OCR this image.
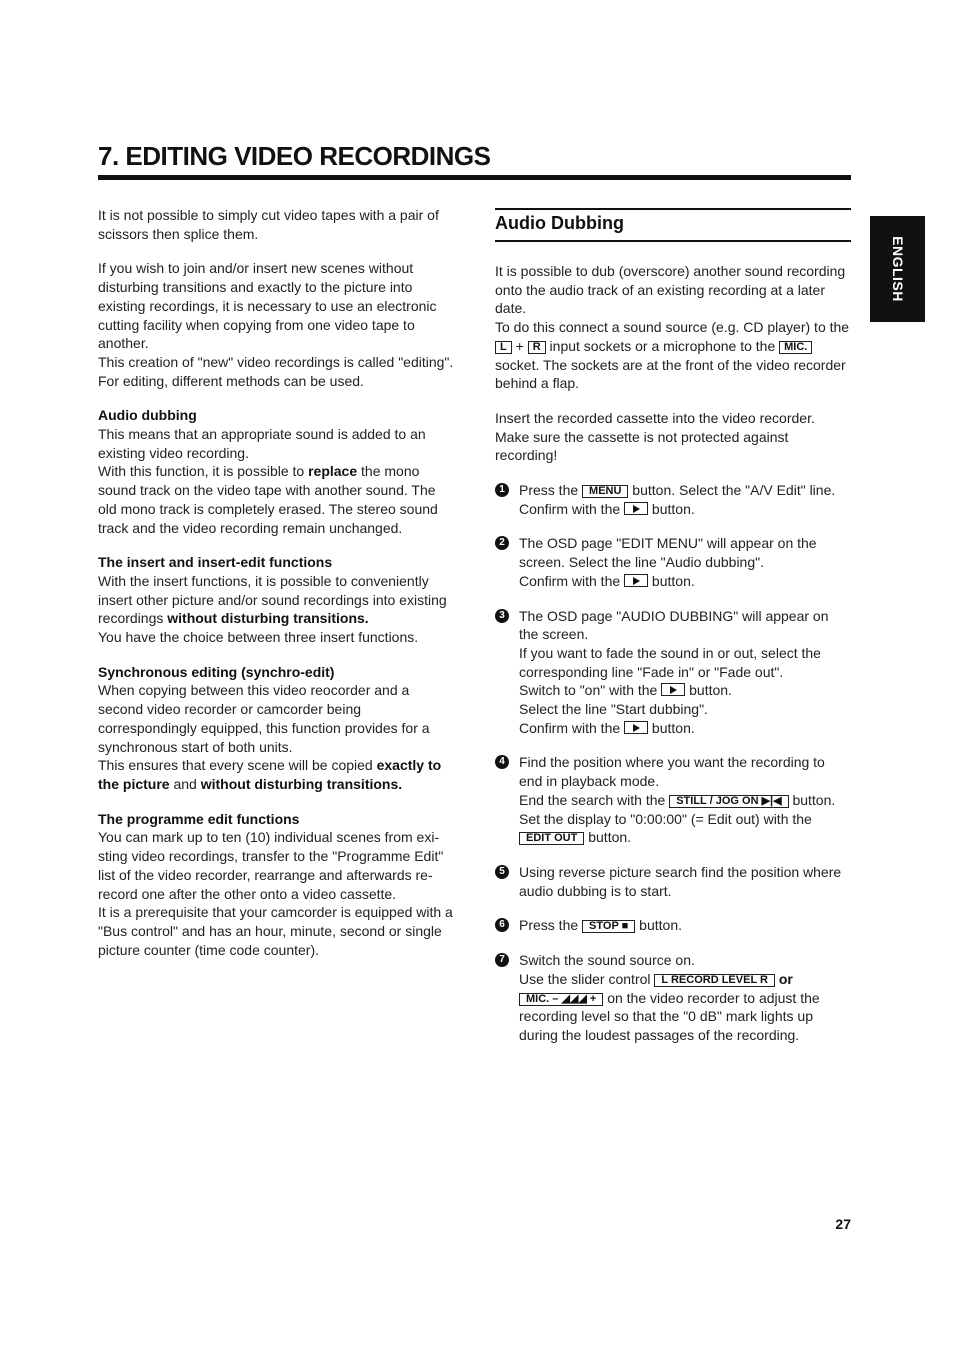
7. EDITING VIDEO RECORDINGS
ENGLISH

It is not possible to simply cut video tapes with a pair of scissors then splice them.

If you wish to join and/or insert new scenes without disturbing transitions and exactly to the picture into existing recordings, it is necessary to use an electronic cutting facility when copying from one video tape to another.
This creation of "new" video recordings is called "editing". For editing, different methods can be used.
Audio dubbing
This means that an appropriate sound is added to an existing video recording.
With this function, it is possible to replace the mono sound track on the video tape with another sound. The old mono track is completely erased. The stereo sound track and the video recording remain unchanged.
The insert and insert-edit functions
With the insert functions, it is possible to conveniently insert other picture and/or sound recordings into existing recordings without disturbing transitions.
You have the choice between three insert functions.
Synchronous editing (synchro-edit)
When copying between this video reocorder and a second video recorder or camcorder being correspondingly equipped, this function provides for a synchronous start of both units.
This ensures that every scene will be copied exactly to the picture and without disturbing transitions.
The programme edit functions
You can mark up to ten (10) individual scenes from exi-sting video recordings, transfer to the "Programme Edit" list of the video recorder, rearrange and afterwards re-record one after the other onto a video cassette.
It is a prerequisite that your camcorder is equipped with a "Bus control" and has an hour, minute, second or single picture counter (time code counter).
Audio Dubbing

It is possible to dub (overscore) another sound recording onto the audio track of an existing recording at a later date.
To do this connect a sound source (e.g. CD player) to the L + R input sockets or a microphone to the MIC. socket. The sockets are at the front of the video recorder behind a flap.

Insert the recorded cassette into the video recorder. Make sure the cassette is not protected against recording!

1	Press the MENU button. Select the "A/V Edit" line. Confirm with the  button.
2	The OSD page "EDIT MENU" will appear on the screen. Select the line "Audio dubbing".
Confirm with the  button.
3	The OSD page "AUDIO DUBBING" will appear on the screen.
If you want to fade the sound in or out, select the corresponding line "Fade in" or "Fade out".
Switch to "on" with the  button.
Select the line "Start dubbing".
Confirm with the  button.
4	Find the position where you want the recording to end in playback mode.
End the search with the STILL / JOG ON ▶|◀ button. Set the display to "0:00:00" (= Edit out) with the EDIT OUT button.
5	Using reverse picture search find the position where audio dubbing is to start.
6	Press the STOP ■ button.
7	Switch the sound source on.
Use the slider control L RECORD LEVEL R or
MIC. – ◢◢◢ + on the video recorder to adjust the recording level so that the "0 dB" mark lights up during the loudest passages of the recording.
27
